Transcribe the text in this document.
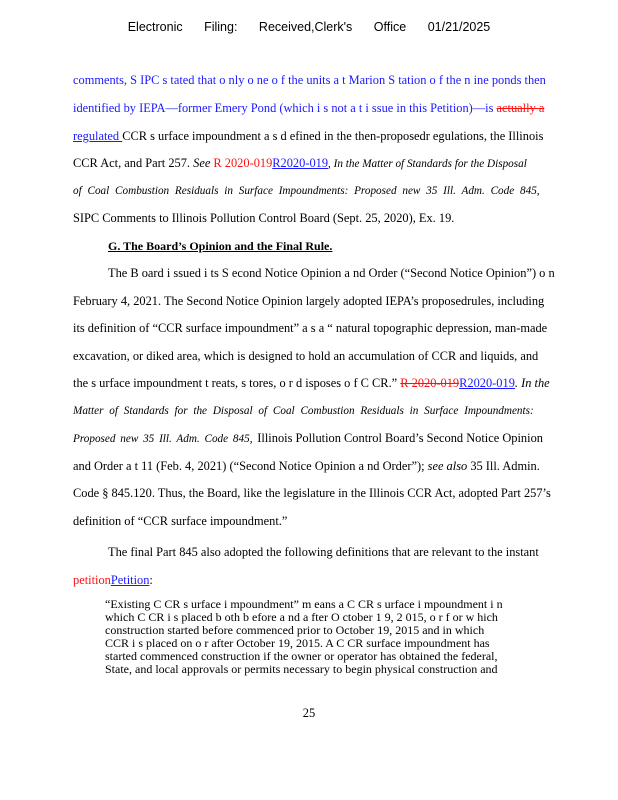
Electronic Filing: Received,Clerk's Office 01/21/2025
comments, S IPC s tated that o nly o ne o f the units a t Marion S tation o f the n ine ponds then
identified by IEPA—former Emery Pond (which i s not a t i ssue in this Petition)—is actually a
regulated CCR s urface impoundment a s d efined in the then-proposedr egulations, the Illinois
CCR Act, and Part 257. See R 2020-019R2020-019, In the Matter of Standards for the Disposal
of Coal Combustion Residuals in Surface Impoundments: Proposed new 35 Ill. Adm. Code 845,
SIPC Comments to Illinois Pollution Control Board (Sept. 25, 2020), Ex. 19.
G. The Board’s Opinion and the Final Rule.
The B oard i ssued i ts S econd Notice Opinion a nd Order (“Second Notice Opinion”) o n
February 4, 2021. The Second Notice Opinion largely adopted IEPA’s proposedrules, including
its definition of “CCR surface impoundment” a s a “ natural topographic depression, man-made
excavation, or diked area, which is designed to hold an accumulation of CCR and liquids, and
the s urface impoundment t reats, s tores, o r d isposes o f C CR.” R 2020-019R2020-019. In the
Matter of Standards for the Disposal of Coal Combustion Residuals in Surface Impoundments:
Proposed new 35 Ill. Adm. Code 845, Illinois Pollution Control Board’s Second Notice Opinion
and Order a t 11 (Feb. 4, 2021) (“Second Notice Opinion a nd Order”); see also 35 Ill. Admin.
Code § 845.120. Thus, the Board, like the legislature in the Illinois CCR Act, adopted Part 257’s
definition of “CCR surface impoundment.”
The final Part 845 also adopted the following definitions that are relevant to the instant
petitionPetition:
“Existing C CR s urface i mpoundment” m eans a C CR s urface i mpoundment i n
which C CR i s placed b oth b efore a nd a fter O ctober 1 9, 2 015, o r f or w hich
construction started before commenced prior to October 19, 2015 and in which
CCR i s placed on o r after October 19, 2015. A C CR surface impoundment has
started commenced construction if the owner or operator has obtained the federal,
State, and local approvals or permits necessary to begin physical construction and
25
